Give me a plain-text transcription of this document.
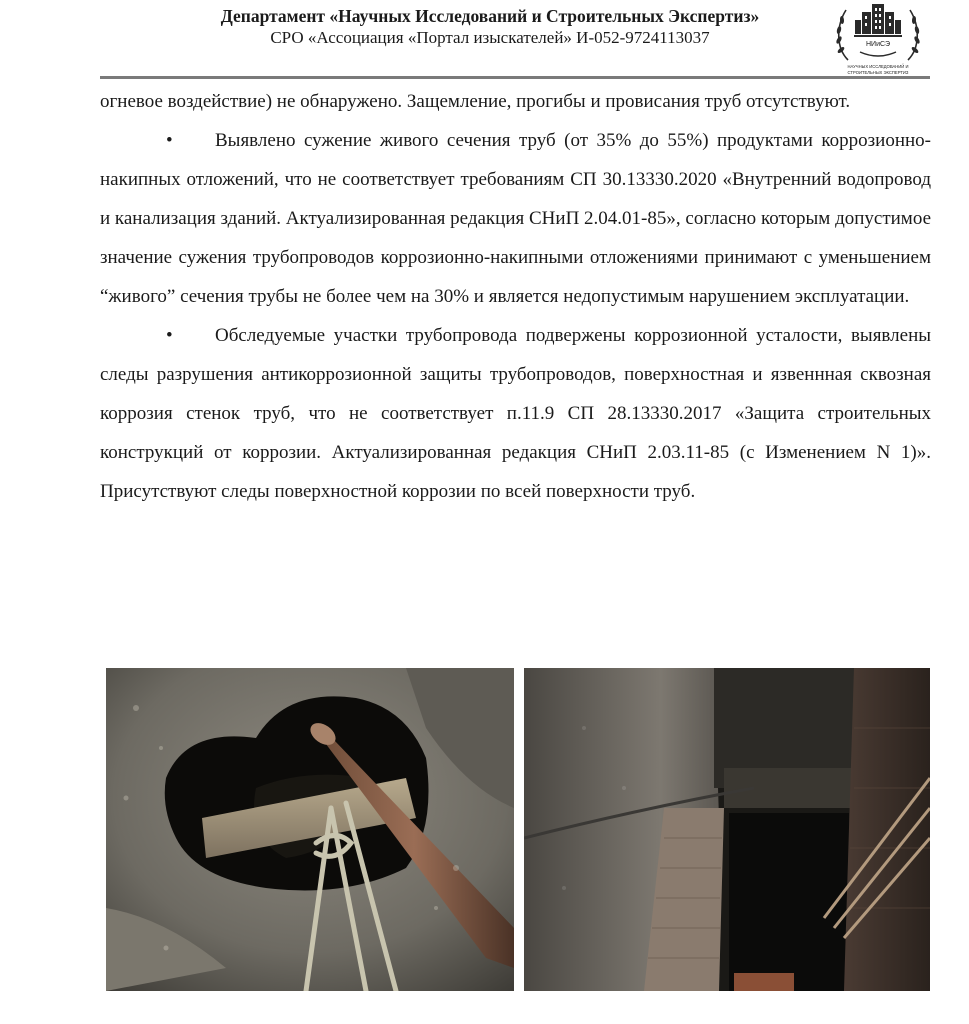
Департамент «Научных Исследований и Строительных Экспертиз»
СРО «Ассоциация «Портал изыскателей» И-052-9724113037	НИиСЭ
НАУЧНЫХ ИССЛЕДОВАНИЙ И
СТРОИТЕЛЬНЫХ ЭКСПЕРТИЗ

огневое воздействие) не обнаружено. Защемление, прогибы и провисания труб отсутствуют.

• Выявлено сужение живого сечения труб (от 35% до 55%) продуктами коррозионно-накипных отложений, что не соответствует требованиям СП 30.13330.2020 «Внутренний водопровод и канализация зданий. Актуализированная редакция СНиП 2.04.01-85», согласно которым допустимое значение сужения трубопроводов коррозионно-накипными отложениями принимают с уменьшением “живого” сечения трубы не более чем на 30% и является недопустимым нарушением эксплуатации.

• Обследуемые участки трубопровода подвержены коррозионной усталости, выявлены следы разрушения антикоррозионной защиты трубопроводов, поверхностная и язвеннная сквозная коррозия стенок труб, что не соответствует п.11.9 СП 28.13330.2017 «Защита строительных конструкций от коррозии. Актуализированная редакция СНиП 2.03.11-85 (с Изменением N 1)». Присутствуют следы поверхностной коррозии по всей поверхности труб.
